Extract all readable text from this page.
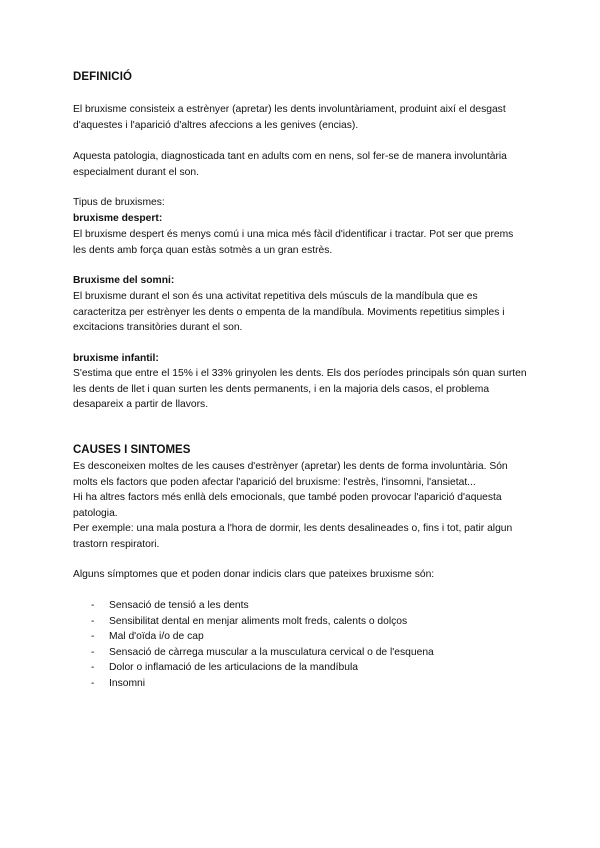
DEFINICIÓ

El bruxisme consisteix a estrènyer (apretar) les dents involuntàriament, produint així el desgast d'aquestes i l'aparició d'altres afeccions a les genives (encias).

Aquesta patologia, diagnosticada tant en adults com en nens, sol fer-se de manera involuntària especialment durant el son.

Tipus de bruxismes:

bruxisme despert:

El bruxisme despert és menys comú i una mica més fàcil d'identificar i tractar. Pot ser que prems les dents amb força quan estàs sotmès a un gran estrès.

Bruxisme del somni:

El bruxisme durant el son és una activitat repetitiva dels músculs de la mandíbula que es caracteritza per estrènyer les dents o empenta de la mandíbula. Moviments repetitius simples i excitacions transitòries durant el son.

bruxisme infantil:

S'estima que entre el 15% i el 33% grinyolen les dents. Els dos períodes principals són quan surten les dents de llet i quan surten les dents permanents, i en la majoria dels casos, el problema desapareix a partir de llavors.

CAUSES I SINTOMES

Es desconeixen moltes de les causes d'estrènyer (apretar) les dents de forma involuntària. Són molts els factors que poden afectar l'aparició del bruxisme: l'estrès, l'insomni, l'ansietat...

Hi ha altres factors més enllà dels emocionals, que també poden provocar l'aparició d'aquesta patologia.

Per exemple: una mala postura a l'hora de dormir, les dents desalineades o, fins i tot, patir algun trastorn respiratori.

Alguns símptomes que et poden donar indicis clars que pateixes bruxisme són:

- Sensació de tensió a les dents
- Sensibilitat dental en menjar aliments molt freds, calents o dolços
- Mal d'oïda i/o de cap
- Sensació de càrrega muscular a la musculatura cervical o de l'esquena
- Dolor o inflamació de les articulacions de la mandíbula
- Insomni
